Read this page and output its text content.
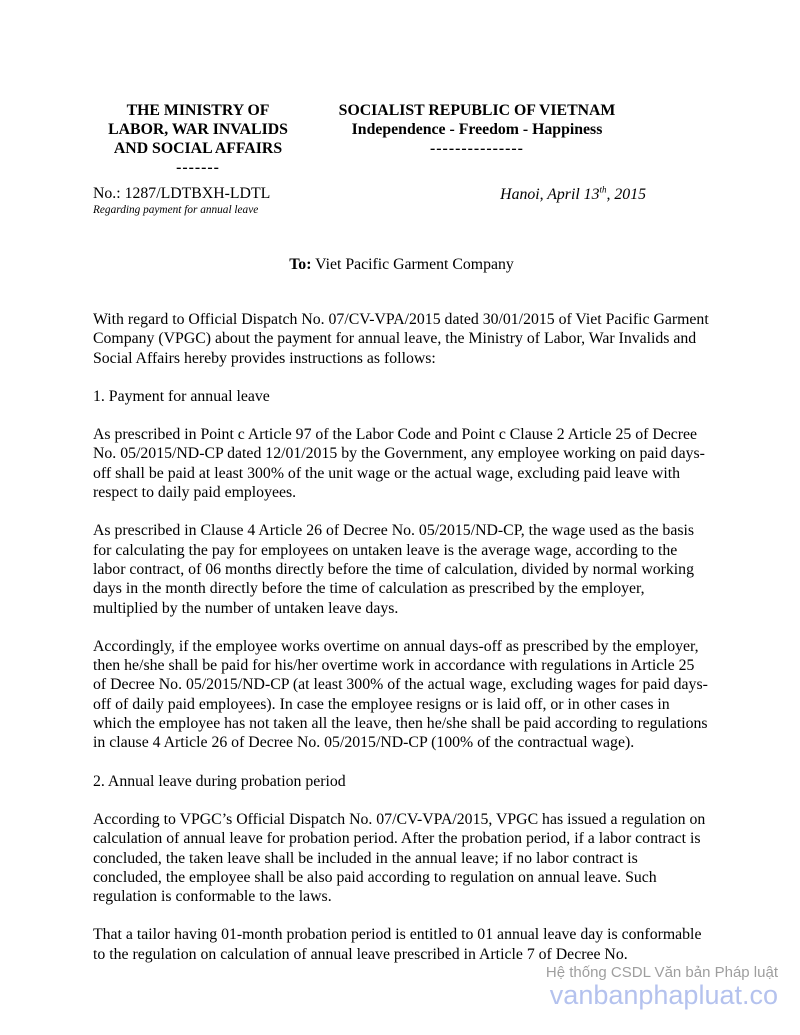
THE MINISTRY OF
LABOR, WAR INVALIDS
AND SOCIAL AFFAIRS
-------
SOCIALIST REPUBLIC OF VIETNAM
Independence - Freedom - Happiness
---------------
No.: 1287/LDTBXH-LDTL
Regarding payment for annual leave
Hanoi, April 13th, 2015
To: Viet Pacific Garment Company

With regard to Official Dispatch No. 07/CV-VPA/2015 dated 30/01/2015 of Viet Pacific Garment Company (VPGC) about the payment for annual leave, the Ministry of Labor, War Invalids and Social Affairs hereby provides instructions as follows:

1. Payment for annual leave

As prescribed in Point c Article 97 of the Labor Code and Point c Clause 2 Article 25 of Decree No. 05/2015/ND-CP dated 12/01/2015 by the Government, any employee working on paid days-off shall be paid at least 300% of the unit wage or the actual wage, excluding paid leave with respect to daily paid employees.

As prescribed in Clause 4 Article 26 of Decree No. 05/2015/ND-CP, the wage used as the basis for calculating the pay for employees on untaken leave is the average wage, according to the labor contract, of 06 months directly before the time of calculation, divided by normal working days in the month directly before the time of calculation as prescribed by the employer, multiplied by the number of untaken leave days.

Accordingly, if the employee works overtime on annual days-off as prescribed by the employer, then he/she shall be paid for his/her overtime work in accordance with regulations in Article 25 of Decree No. 05/2015/ND-CP (at least 300% of the actual wage, excluding wages for paid days-off of daily paid employees). In case the employee resigns or is laid off, or in other cases in which the employee has not taken all the leave, then he/she shall be paid according to regulations in clause 4 Article 26 of Decree No. 05/2015/ND-CP (100% of the contractual wage).

2. Annual leave during probation period

According to VPGC’s Official Dispatch No. 07/CV-VPA/2015, VPGC has issued a regulation on calculation of annual leave for probation period. After the probation period, if a labor contract is concluded, the taken leave shall be included in the annual leave; if no labor contract is concluded, the employee shall be also paid according to regulation on annual leave. Such regulation is conformable to the laws.

That a tailor having 01-month probation period is entitled to 01 annual leave day is conformable to the regulation on calculation of annual leave prescribed in Article 7 of Decree No.

Hệ thống CSDL Văn bản Pháp luật
vanbanphapluat.co
